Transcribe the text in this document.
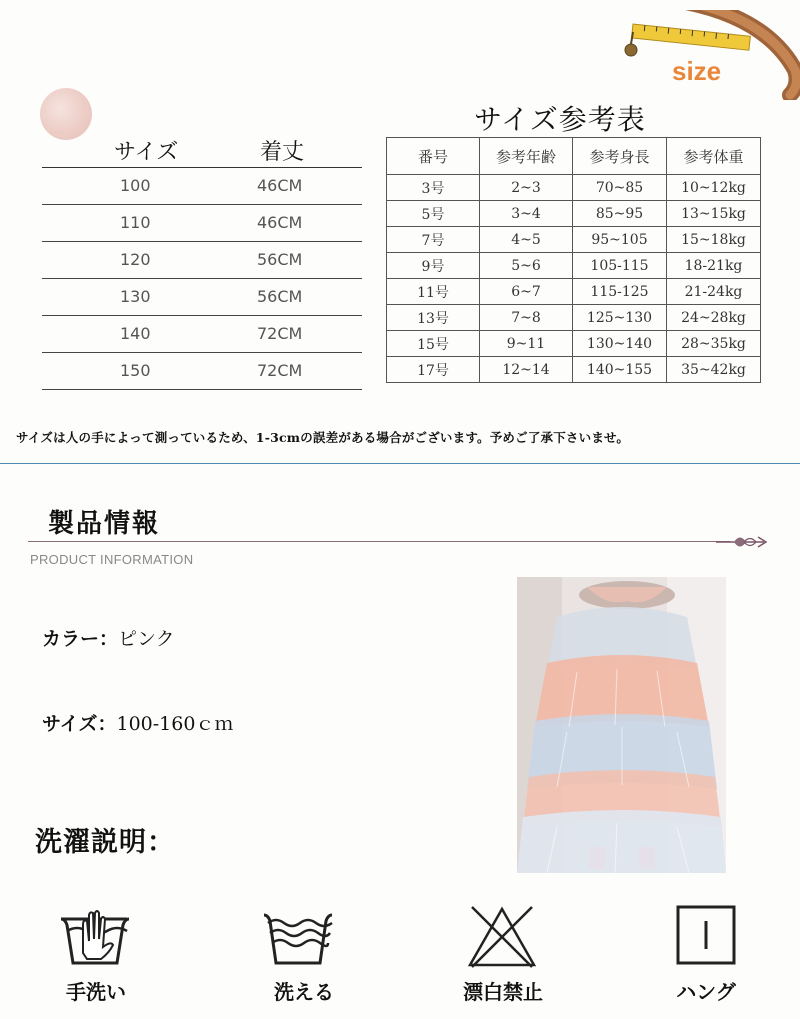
size
サイズ	着丈
100	46CM
110	46CM
120	56CM
130	56CM
140	72CM
150	72CM
サイズ参考表
番号	参考年齢	参考身長	参考体重
3号	2~3	70~85	10~12kg
5号	3~4	85~95	13~15kg
7号	4~5	95~105	15~18kg
9号	5~6	105-115	18-21kg
11号	6~7	115-125	21-24kg
13号	7~8	125~130	24~28kg
15号	9~11	130~140	28~35kg
17号	12~14	140~155	35~42kg
サイズは人の手によって測っているため、1-3cmの誤差がある場合がございます。予めご了承下さいませ。
製品情報
PRODUCT INFORMATION
カラー：ピンク
サイズ：100-160ｃｍ
洗濯説明：
手洗い	洗える	漂白禁止	ハング
